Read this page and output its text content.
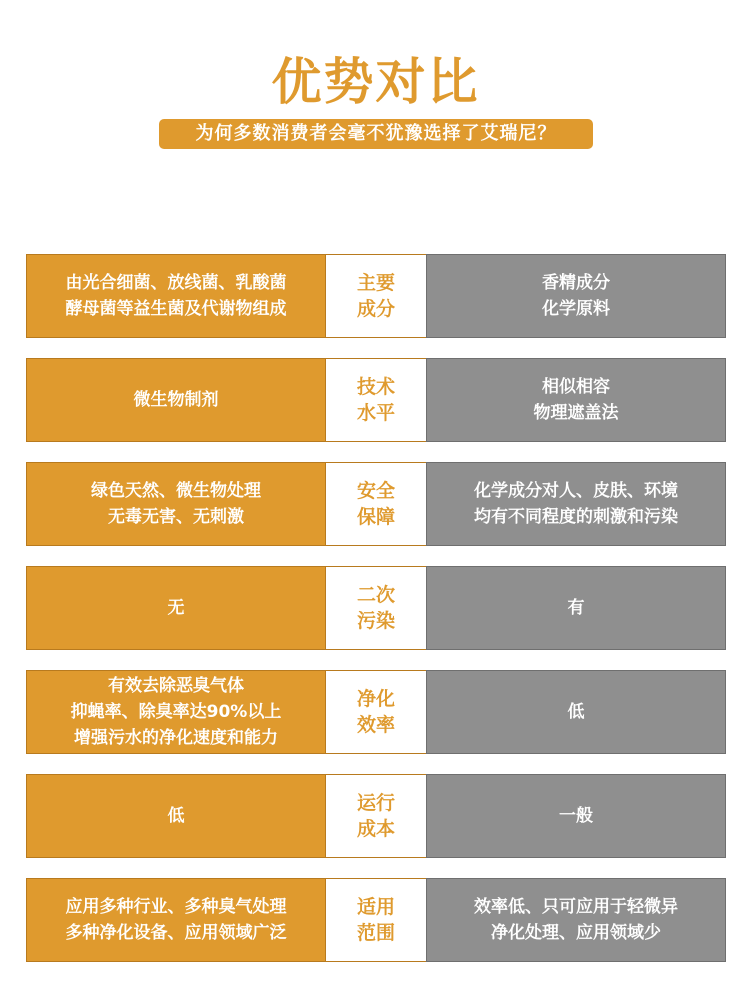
优势对比
为何多数消费者会毫不犹豫选择了艾瑞尼？
由光合细菌、放线菌、乳酸菌
酵母菌等益生菌及代谢物组成
主要
成分
香精成分
化学原料
微生物制剂
技术
水平
相似相容
物理遮盖法
绿色天然、微生物处理
无毒无害、无刺激
安全
保障
化学成分对人、皮肤、环境
均有不同程度的刺激和污染
无
二次
污染
有
有效去除恶臭气体
抑蝇率、除臭率达90%以上
增强污水的净化速度和能力
净化
效率
低
低
运行
成本
一般
应用多种行业、多种臭气处理
多种净化设备、应用领域广泛
适用
范围
效率低、只可应用于轻微异
净化处理、应用领域少
